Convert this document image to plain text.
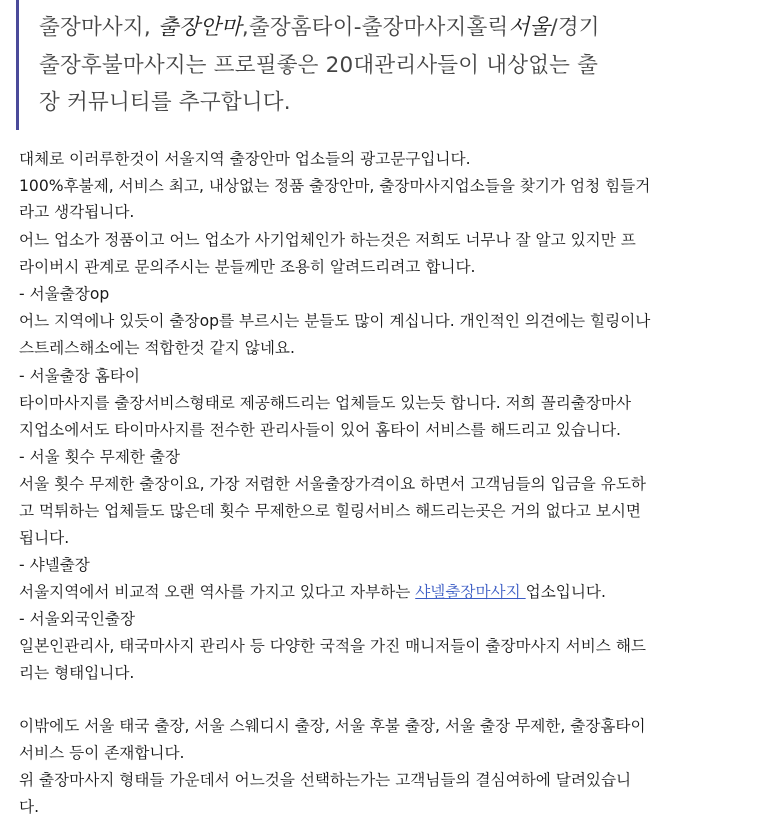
출장마사지, 출장안마,출장홈타이-출장마사지홀릭서울/경기
출장후불마사지는 프로필좋은 20대관리사들이 내상없는 출
장 커뮤니티를 추구합니다.
대체로 이러루한것이 서울지역 출장안마 업소들의 광고문구입니다.
100%후불제, 서비스 최고, 내상없는 정품 출장안마, 출장마사지업소들을 찾기가 엄청 힘들거
라고 생각됩니다.
어느 업소가 정품이고 어느 업소가 사기업체인가 하는것은 저희도 너무나 잘 알고 있지만 프
라이버시 관계로 문의주시는 분들께만 조용히 알려드리려고 합니다.
- 서울출장op
어느 지역에나 있듯이 출장op를 부르시는 분들도 많이 계십니다. 개인적인 의견에는 힐링이나
스트레스해소에는 적합한것 같지 않네요.
- 서울출장 홈타이
타이마사지를 출장서비스형태로 제공해드리는 업체들도 있는듯 합니다. 저희 꼴리출장마사
지업소에서도 타이마사지를 전수한 관리사들이 있어 홈타이 서비스를 해드리고 있습니다.
- 서울 횟수 무제한 출장
서울 횟수 무제한 출장이요, 가장 저렴한 서울출장가격이요 하면서 고객님들의 입금을 유도하
고 먹튀하는 업체들도 많은데 횟수 무제한으로 힐링서비스 해드리는곳은 거의 없다고 보시면
됩니다.
- 샤넬출장
서울지역에서 비교적 오랜 역사를 가지고 있다고 자부하는 샤넬출장마사지 업소입니다.
- 서울외국인출장
일본인관리사, 태국마사지 관리사 등 다양한 국적을 가진 매니저들이 출장마사지 서비스 해드
리는 형태입니다.
이밖에도 서울 태국 출장, 서울 스웨디시 출장, 서울 후불 출장, 서울 출장 무제한, 출장홈타이
서비스 등이 존재합니다.
위 출장마사지 형태들 가운데서 어느것을 선택하는가는 고객님들의 결심여하에 달려있습니
다.
